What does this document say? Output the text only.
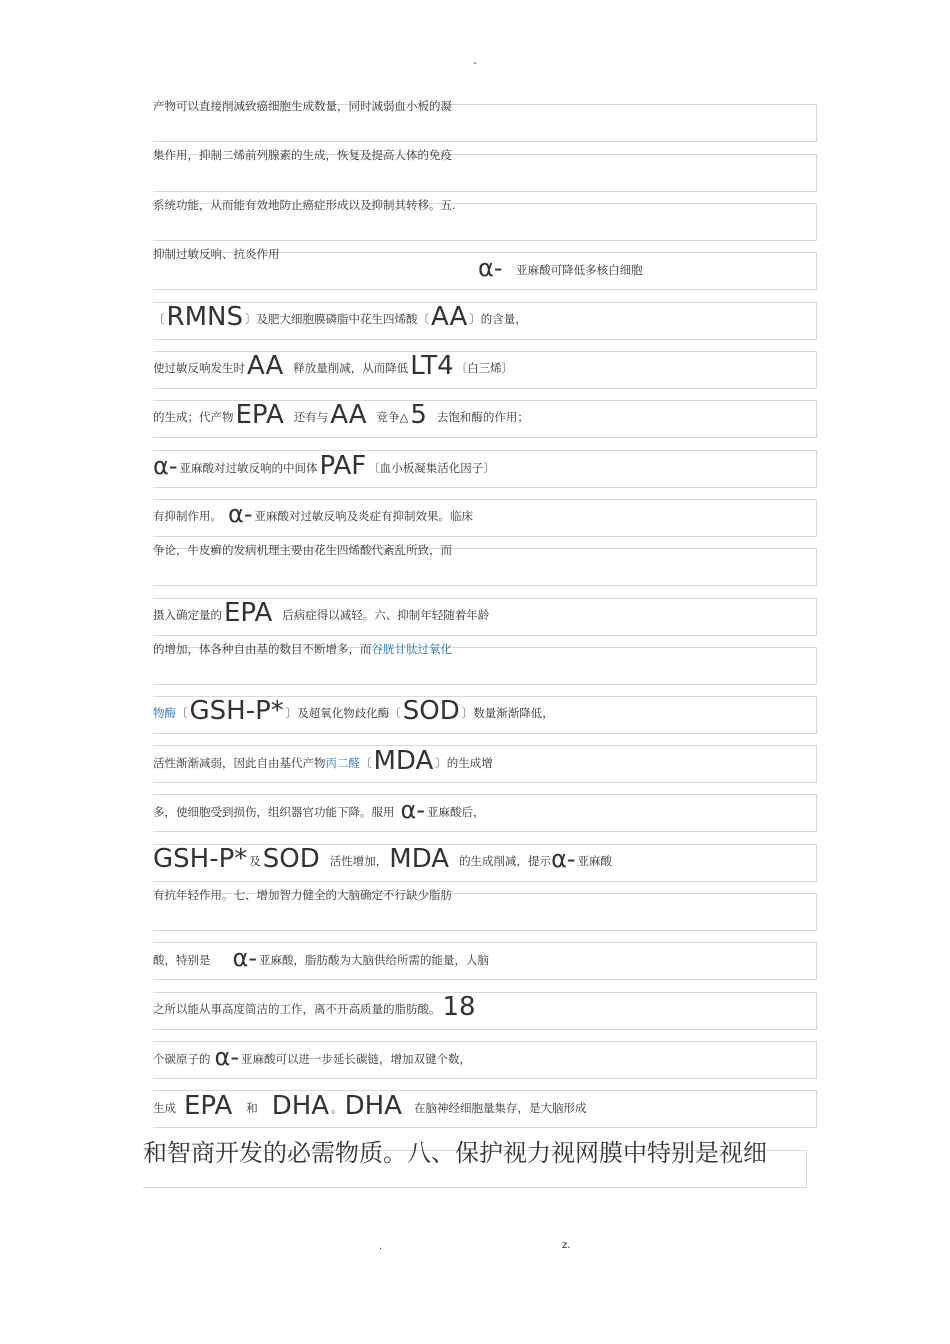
-
产物可以直接削减致癌细胞生成数量，同时减弱血小板的凝
集作用，抑制二烯前列腺素的生成，恢复及提高人体的免疫
系统功能，从而能有效地防止癌症形成以及抑制其转移。五.
抑制过敏反响、抗炎作用	α- 亚麻酸可降低多核白细胞
〔RMNS 〕及肥大细胞膜磷脂中花生四烯酸〔AA 〕的含量，
使过敏反响发生时AA 释放量削减，从而降低LT4 〔白三烯〕
的生成；代产物EPA 还有与AA 竞争△5 去饱和酶的作用；
α- 亚麻酸对过敏反响的中间体PAF 〔血小板凝集活化因子〕
有抑制作用。 α- 亚麻酸对过敏反响及炎症有抑制效果。临床
争论，牛皮癣的发病机理主要由花生四烯酸代紊乱所致，而
摄入确定量的EPA 后病症得以减轻。六、抑制年轻随着年龄
的增加，体各种自由基的数目不断增多，而谷胱甘肽过氧化
物酶〔GSH-P* 〕及超氧化物歧化酶〔SOD 〕数量渐渐降低，
活性渐渐减弱，因此自由基代产物丙二醛〔MDA 〕的生成增
多，使细胞受到损伤，组织器官功能下降。服用 α- 亚麻酸后，
GSH-P* 及SOD 活性增加，MDA 的生成削减，提示α- 亚麻酸
有抗年轻作用。七、增加智力健全的大脑确定不行缺少脂肪
酸，特别是 α- 亚麻酸，脂肪酸为大脑供给所需的能量，人脑
之所以能从事高度简洁的工作，离不开高质量的脂肪酸。18
个碳原子的 α- 亚麻酸可以进一步延长碳链，增加双键个数，
生成 EPA 和 DHA 。DHA 在脑神经细胞量集存，是大脑形成
和智商开发的必需物质。八、保护视力视网膜中特别是视细
.	z.
